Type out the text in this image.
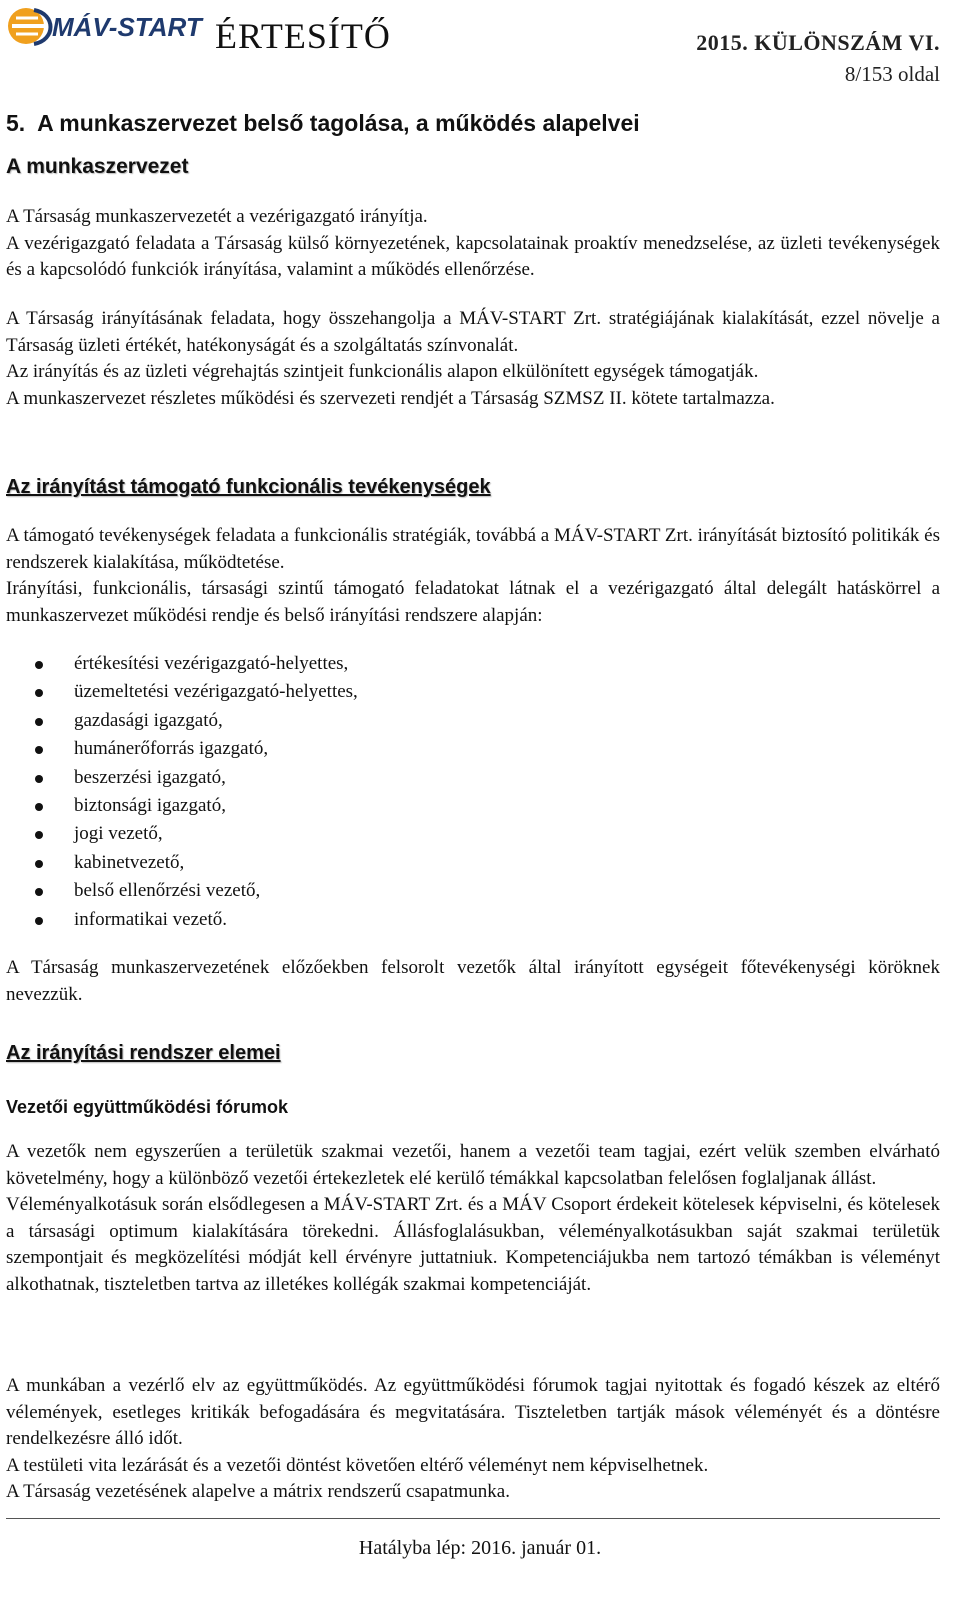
MÁV-START ÉRTESÍTŐ	2015. KÜLÖNSZÁM VI.
8/153 oldal
5.  A munkaszervezet belső tagolása, a működés alapelvei
A munkaszervezet

A Társaság munkaszervezetét a vezérigazgató irányítja.

A vezérigazgató feladata a Társaság külső környezetének, kapcsolatainak proaktív menedzselése, az üzleti tevékenységek és a kapcsolódó funkciók irányítása, valamint a működés ellenőrzése.

A Társaság irányításának feladata, hogy összehangolja a MÁV-START Zrt. stratégiájának kialakítását, ezzel növelje a Társaság üzleti értékét, hatékonyságát és a szolgáltatás színvonalát.

Az irányítás és az üzleti végrehajtás szintjeit funkcionális alapon elkülönített egységek támogatják.

A munkaszervezet részletes működési és szervezeti rendjét a Társaság SZMSZ II. kötete tartalmazza.

Az irányítást támogató funkcionális tevékenységek

A támogató tevékenységek feladata a funkcionális stratégiák, továbbá a MÁV-START Zrt. irányítását biztosító politikák és rendszerek kialakítása, működtetése.

Irányítási, funkcionális, társasági szintű támogató feladatokat látnak el a vezérigazgató által delegált hatáskörrel a munkaszervezet működési rendje és belső irányítási rendszere alapján:

értékesítési vezérigazgató-helyettes,
üzemeltetési vezérigazgató-helyettes,
gazdasági igazgató,
humánerőforrás igazgató,
beszerzési igazgató,
biztonsági igazgató,
jogi vezető,
kabinetvezető,
belső ellenőrzési vezető,
informatikai vezető.

A Társaság munkaszervezetének előzőekben felsorolt vezetők által irányított egységeit főtevékenységi köröknek nevezzük.

Az irányítási rendszer elemei
Vezetői együttműködési fórumok

A vezetők nem egyszerűen a területük szakmai vezetői, hanem a vezetői team tagjai, ezért velük szemben elvárható követelmény, hogy a különböző vezetői értekezletek elé kerülő témákkal kapcsolatban felelősen foglaljanak állást.

Véleményalkotásuk során elsődlegesen a MÁV-START Zrt. és a MÁV Csoport érdekeit kötelesek képviselni, és kötelesek a társasági optimum kialakítására törekedni. Állásfoglalásukban, véleményalkotásukban saját szakmai területük szempontjait és megközelítési módját kell érvényre juttatniuk. Kompetenciájukba nem tartozó témákban is véleményt alkothatnak, tiszteletben tartva az illetékes kollégák szakmai kompetenciáját.

A munkában a vezérlő elv az együttműködés. Az együttműködési fórumok tagjai nyitottak és fogadó készek az eltérő vélemények, esetleges kritikák befogadására és megvitatására. Tiszteletben tartják mások véleményét és a döntésre rendelkezésre álló időt.

A testületi vita lezárását és a vezetői döntést követően eltérő véleményt nem képviselhetnek.

A Társaság vezetésének alapelve a mátrix rendszerű csapatmunka.

Hatályba lép: 2016. január 01.
